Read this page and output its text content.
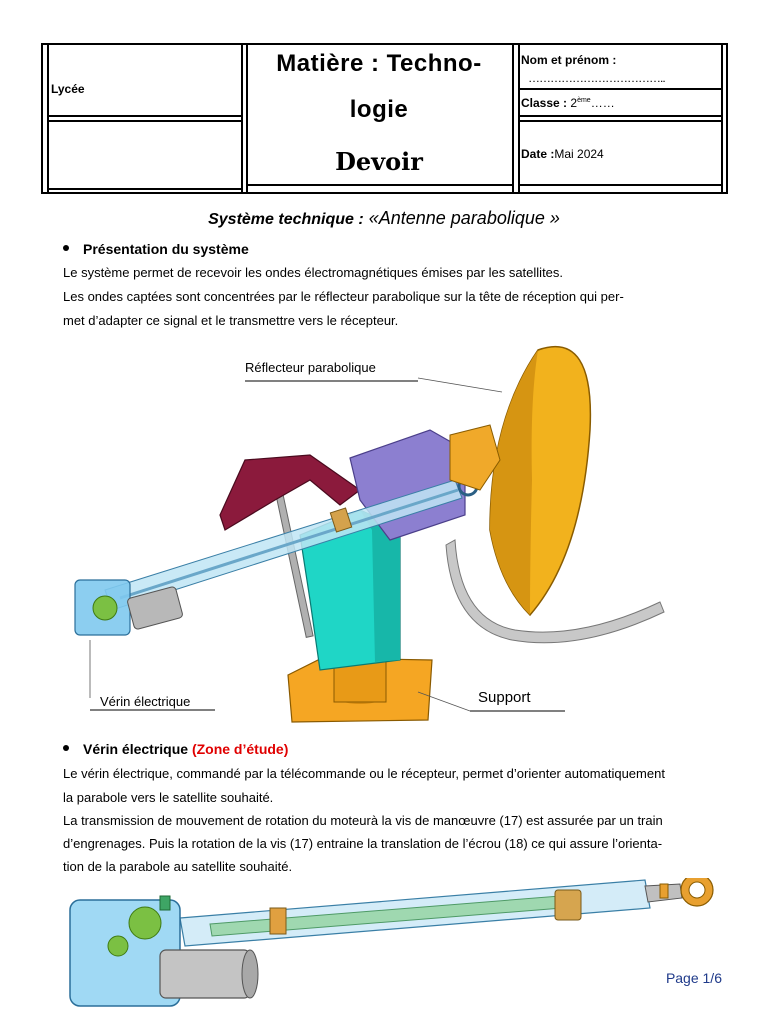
Lycée
Matière : Techno-
logie
Devoir
Nom et prénom :
………………………………..
Classe : 2ème……
Date :Mai 2024
Système technique : «Antenne parabolique »
Présentation du système
Le système permet de recevoir les ondes électromagnétiques émises par les satellites.
Les ondes captées sont concentrées par le réflecteur parabolique sur la tête de réception qui per-
met d’adapter ce signal et le transmettre vers le récepteur.
Réflecteur parabolique
Support
Vérin électrique
Vérin électrique (Zone d’étude)
Le vérin électrique, commandé par la télécommande ou le récepteur, permet d’orienter automatiquement
la parabole vers le satellite souhaité.
La transmission de mouvement de rotation du moteurà la vis de manœuvre (17) est assurée par un train
d’engrenages. Puis la rotation de la vis (17) entraine la translation de l’écrou (18) ce qui assure l’orienta-
tion de la parabole au satellite souhaité.
Page 1/6
